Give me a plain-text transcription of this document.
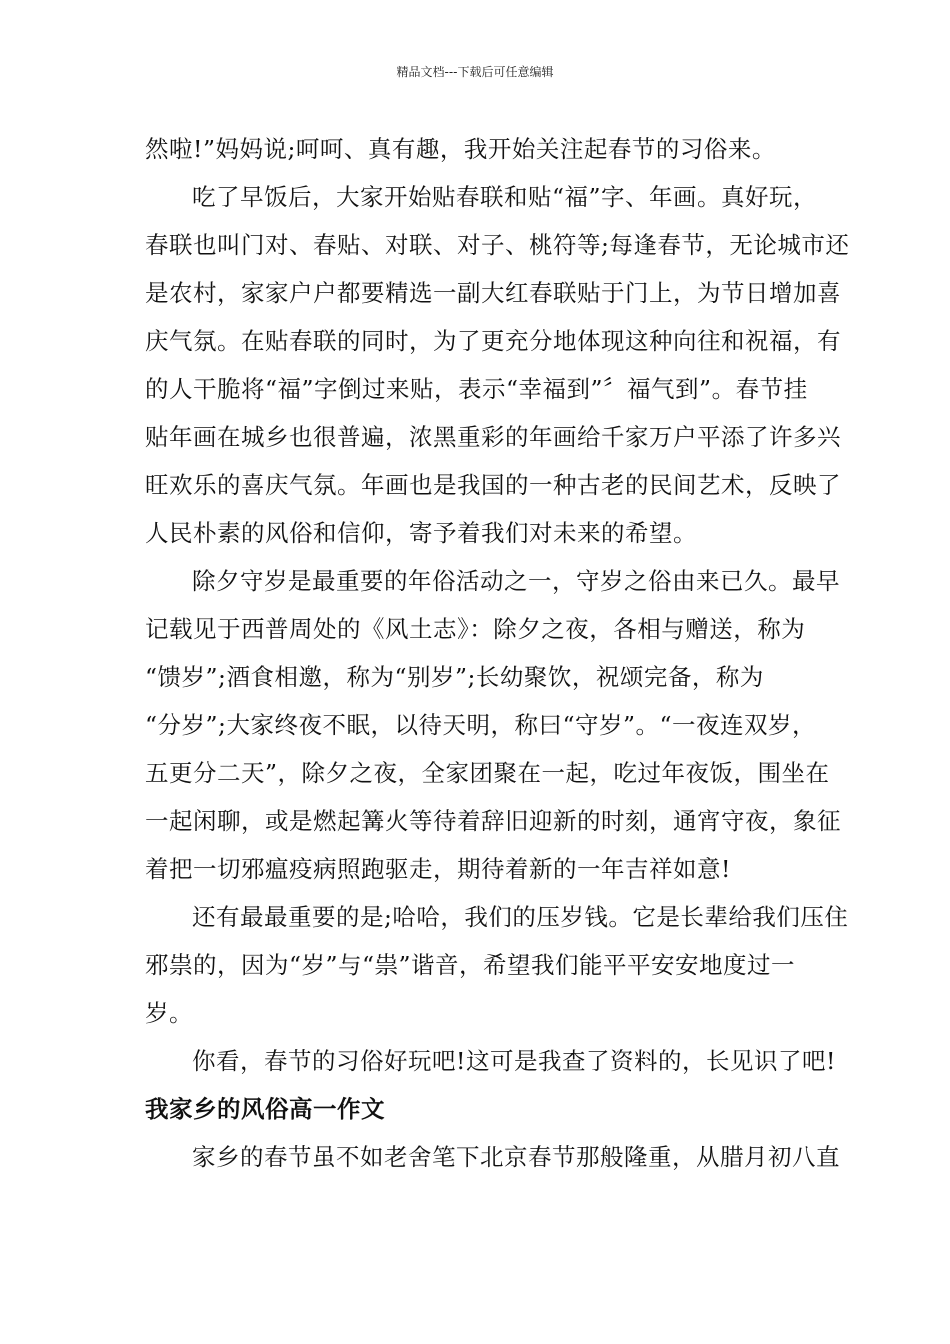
精品文档---下载后可任意编辑

然啦!”妈妈说;呵呵、真有趣，我开始关注起春节的习俗来。

吃了早饭后，大家开始贴春联和贴“福”字、年画。真好玩，
春联也叫门对、春贴、对联、对子、桃符等;每逢春节，无论城市还
是农村，家家户户都要精选一副大红春联贴于门上，为节日增加喜
庆气氛。在贴春联的同时，为了更充分地体现这种向往和祝福，有
的人干脆将“福”字倒过来贴，表示“幸福到”〞福气到”。春节挂
贴年画在城乡也很普遍，浓黑重彩的年画给千家万户平添了许多兴
旺欢乐的喜庆气氛。年画也是我国的一种古老的民间艺术，反映了
人民朴素的风俗和信仰，寄予着我们对未来的希望。

除夕守岁是最重要的年俗活动之一，守岁之俗由来已久。最早
记载见于西普周处的《风土志》：除夕之夜，各相与赠送，称为
“馈岁”;酒食相邀，称为“别岁”;长幼聚饮，祝颂完备，称为
“分岁”;大家终夜不眠，以待天明，称曰“守岁”。“一夜连双岁，
五更分二天”，除夕之夜，全家团聚在一起，吃过年夜饭，围坐在
一起闲聊，或是燃起篝火等待着辞旧迎新的时刻，通宵守夜，象征
着把一切邪瘟疫病照跑驱走，期待着新的一年吉祥如意!

还有最最重要的是;哈哈，我们的压岁钱。它是长辈给我们压住
邪祟的，因为“岁”与“祟”谐音，希望我们能平平安安地度过一
岁。

你看，春节的习俗好玩吧!这可是我查了资料的，长见识了吧!

我家乡的风俗高一作文

家乡的春节虽不如老舍笔下北京春节那般隆重，从腊月初八直
